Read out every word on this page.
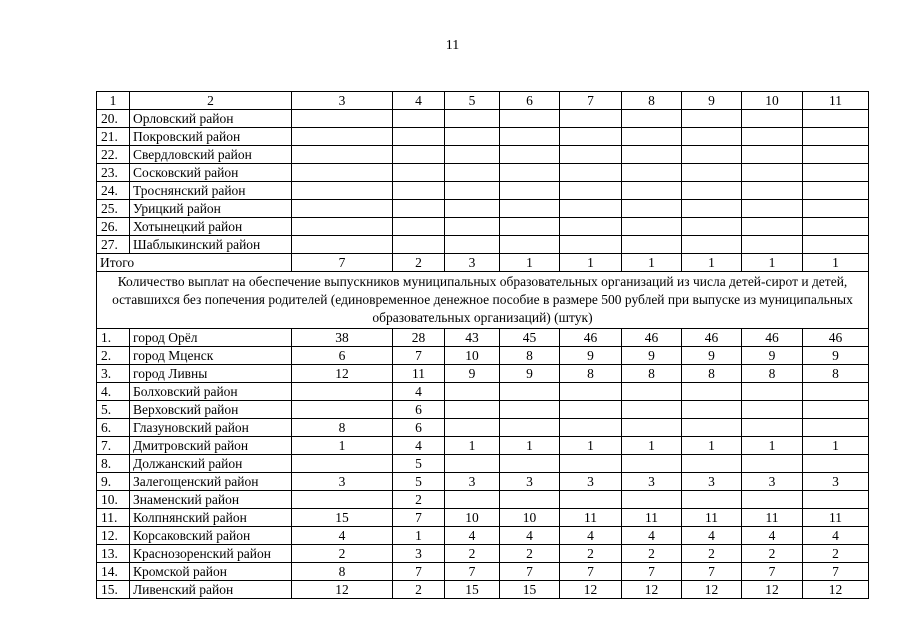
11
1	2	3	4	5	6	7	8	9	10	11
20.	Орловский район									
21.	Покровский район									
22.	Свердловский район									
23.	Сосковский район									
24.	Троснянский район									
25.	Урицкий район									
26.	Хотынецкий район									
27.	Шаблыкинский район									
Итого		7	2	3	1	1	1	1	1	1
Количество выплат на обеспечение выпускников муниципальных образовательных организаций из числа детей-сирот и детей, оставшихся без попечения родителей (единовременное денежное пособие в размере 500 рублей при выпуске из муниципальных образовательных организаций) (штук)										
1.	город Орёл	38	28	43	45	46	46	46	46	46
2.	город Мценск	6	7	10	8	9	9	9	9	9
3.	город Ливны	12	11	9	9	8	8	8	8	8
4.	Болховский район		4							
5.	Верховский район		6							
6.	Глазуновский район	8	6							
7.	Дмитровский район	1	4	1	1	1	1	1	1	1
8.	Должанский район		5							
9.	Залегощенский район	3	5	3	3	3	3	3	3	3
10.	Знаменский район		2							
11.	Колпнянский район	15	7	10	10	11	11	11	11	11
12.	Корсаковский район	4	1	4	4	4	4	4	4	4
13.	Краснозоренский район	2	3	2	2	2	2	2	2	2
14.	Кромской район	8	7	7	7	7	7	7	7	7
15.	Ливенский район	12	2	15	15	12	12	12	12	12
